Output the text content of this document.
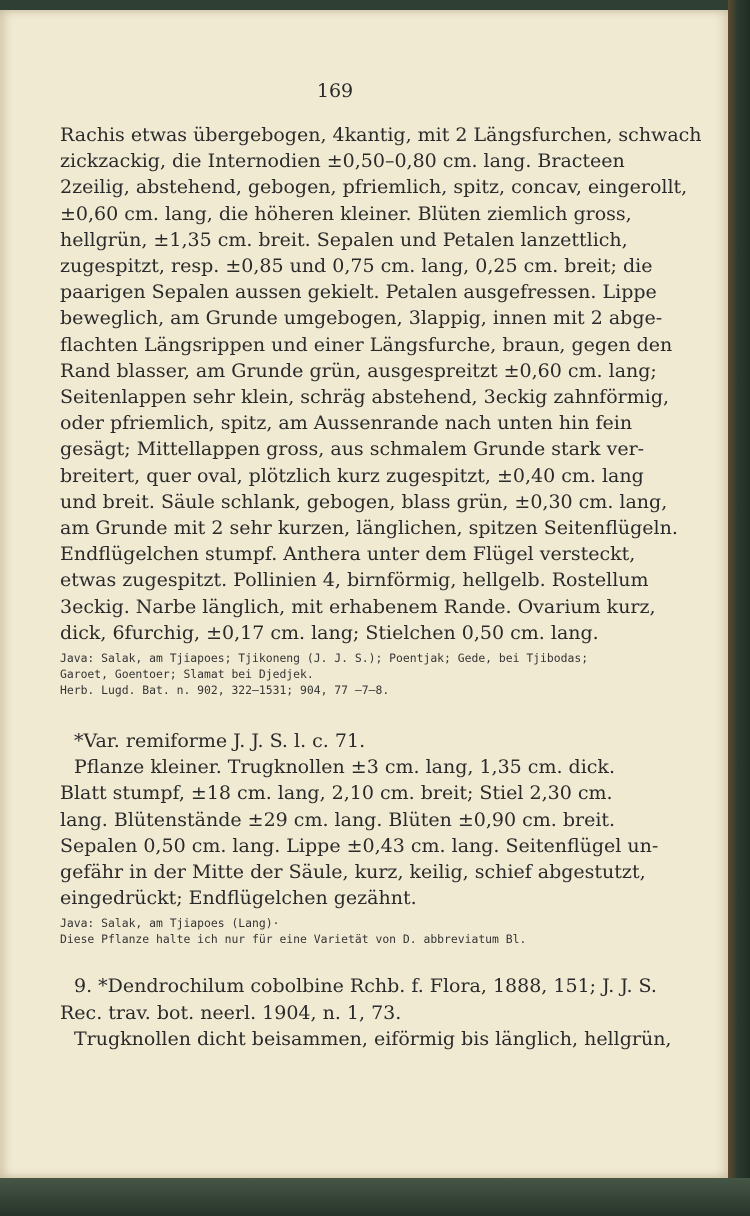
169
Rachis etwas übergebogen, 4kantig, mit 2 Längsfurchen, schwach
zickzackig, die Internodien ±0,50–0,80 cm. lang. Bracteen
2zeilig, abstehend, gebogen, pfriemlich, spitz, concav, eingerollt,
±0,60 cm. lang, die höheren kleiner. Blüten ziemlich gross,
hellgrün, ±1,35 cm. breit. Sepalen und Petalen lanzettlich,
zugespitzt, resp. ±0,85 und 0,75 cm. lang, 0,25 cm. breit; die
paarigen Sepalen aussen gekielt. Petalen ausgefressen. Lippe
beweglich, am Grunde umgebogen, 3lappig, innen mit 2 abge-
flachten Längsrippen und einer Längsfurche, braun, gegen den
Rand blasser, am Grunde grün, ausgespreitzt ±0,60 cm. lang;
Seitenlappen sehr klein, schräg abstehend, 3eckig zahnförmig,
oder pfriemlich, spitz, am Aussenrande nach unten hin fein
gesägt; Mittellappen gross, aus schmalem Grunde stark ver-
breitert, quer oval, plötzlich kurz zugespitzt, ±0,40 cm. lang
und breit. Säule schlank, gebogen, blass grün, ±0,30 cm. lang,
am Grunde mit 2 sehr kurzen, länglichen, spitzen Seitenflügeln.
Endflügelchen stumpf. Anthera unter dem Flügel versteckt,
etwas zugespitzt. Pollinien 4, birnförmig, hellgelb. Rostellum
3eckig. Narbe länglich, mit erhabenem Rande. Ovarium kurz,
dick, 6furchig, ±0,17 cm. lang; Stielchen 0,50 cm. lang.
Java: Salak, am Tjiapoes; Tjikoneng (J. J. S.); Poentjak; Gede, bei Tjibodas;
Garoet, Goentoer; Slamat bei Djedjek.
Herb. Lugd. Bat. n. 902, 322—1531; 904, 77 —7—8.
*Var. remiforme J. J. S. l. c. 71.
Pflanze kleiner. Trugknollen ±3 cm. lang, 1,35 cm. dick.
Blatt stumpf, ±18 cm. lang, 2,10 cm. breit; Stiel 2,30 cm.
lang. Blütenstände ±29 cm. lang. Blüten ±0,90 cm. breit.
Sepalen 0,50 cm. lang. Lippe ±0,43 cm. lang. Seitenflügel un-
gefähr in der Mitte der Säule, kurz, keilig, schief abgestutzt,
eingedrückt; Endflügelchen gezähnt.
Java: Salak, am Tjiapoes (Lang)·
Diese Pflanze halte ich nur für eine Varietät von D. abbreviatum Bl.
9. *Dendrochilum cobolbine Rchb. f. Flora, 1888, 151; J. J. S.
Rec. trav. bot. neerl. 1904, n. 1, 73.
Trugknollen dicht beisammen, eiförmig bis länglich, hellgrün,
